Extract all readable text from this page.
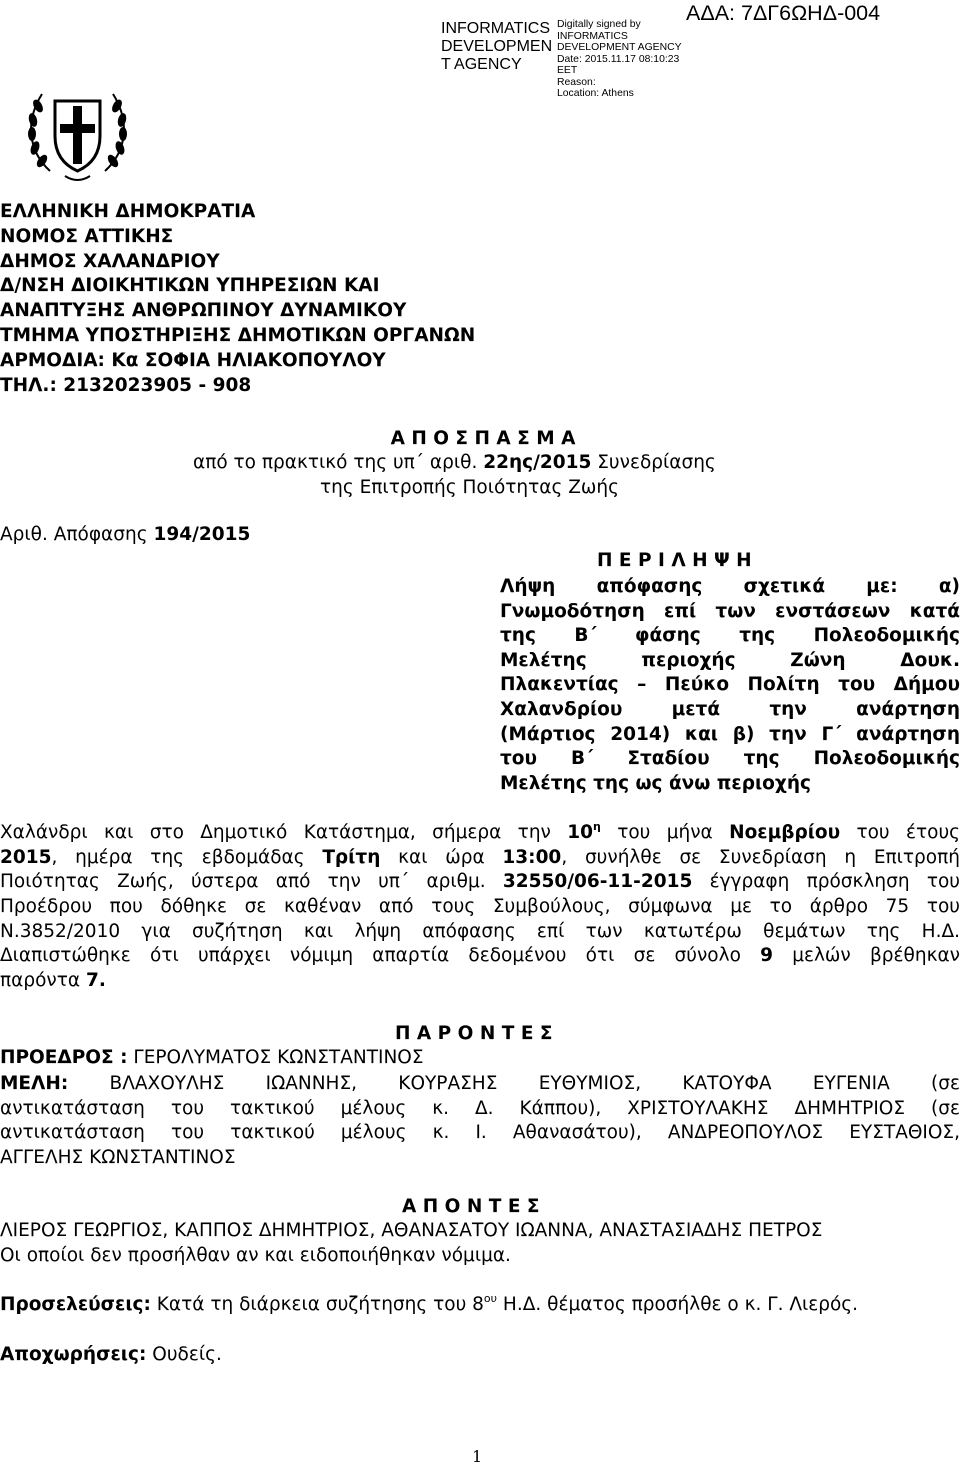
INFORMATICS
DEVELOPMEN
T AGENCY
Digitally signed by
INFORMATICS
DEVELOPMENT AGENCY
Date: 2015.11.17 08:10:23
EET
Reason:
Location: Athens
ΑΔΑ: 7ΔΓ6ΩΗΔ-004
ΕΛΛΗΝΙΚΗ ΔΗΜΟΚΡΑΤΙΑ
ΝΟΜΟΣ ΑΤΤΙΚΗΣ
ΔΗΜΟΣ ΧΑΛΑΝΔΡΙΟΥ
Δ/ΝΣΗ ΔΙΟΙΚΗΤΙΚΩΝ ΥΠΗΡΕΣΙΩΝ ΚΑΙ
ΑΝΑΠΤΥΞΗΣ ΑΝΘΡΩΠΙΝΟΥ ΔΥΝΑΜΙΚΟΥ
ΤΜΗΜΑ ΥΠΟΣΤΗΡΙΞΗΣ ΔΗΜΟΤΙΚΩΝ ΟΡΓΑΝΩΝ
ΑΡΜΟΔΙΑ: Κα ΣΟΦΙΑ ΗΛΙΑΚΟΠΟΥΛΟΥ
ΤΗΛ.: 2132023905 - 908
Α Π Ο Σ Π Α Σ Μ Α
από το πρακτικό της υπ΄ αριθ. 22ης/2015 Συνεδρίασης
της Επιτροπής Ποιότητας Ζωής
Αριθ. Απόφασης 194/2015
Π Ε Ρ Ι Λ Η Ψ Η
Λήψη απόφασης σχετικά με: α)
Γνωμοδότηση επί των ενστάσεων κατά
της Β΄ φάσης της Πολεοδομικής
Μελέτης περιοχής Ζώνη Δουκ.
Πλακεντίας – Πεύκο Πολίτη του Δήμου
Χαλανδρίου μετά την ανάρτηση
(Μάρτιος 2014) και β) την Γ΄ ανάρτηση
του Β΄ Σταδίου της Πολεοδομικής
Μελέτης της ως άνω περιοχής
Χαλάνδρι και στο Δημοτικό Κατάστημα, σήμερα την $10^\eta$ του μήνα Νοεμβρίου του έτους
2015, ημέρα της εβδομάδας Τρίτη και ώρα 13:00, συνήλθε σε Συνεδρίαση η Επιτροπή
Ποιότητας Ζωής, ύστερα από την υπ΄ αριθμ. 32550/06-11-2015 έγγραφη πρόσκληση του
Προέδρου που δόθηκε σε καθέναν από τους Συμβούλους, σύμφωνα με το άρθρο 75 του
Ν.3852/2010 για συζήτηση και λήψη απόφασης επί των κατωτέρω θεμάτων της Η.Δ.
Διαπιστώθηκε ότι υπάρχει νόμιμη απαρτία δεδομένου ότι σε σύνολο 9 μελών βρέθηκαν
παρόντα 7.
Π Α Ρ Ο Ν Τ Ε Σ
ΠΡΟΕΔΡΟΣ : ΓΕΡΟΛΥΜΑΤΟΣ ΚΩΝΣΤΑΝΤΙΝΟΣ
ΜΕΛΗ: ΒΛΑΧΟΥΛΗΣ ΙΩΑΝΝΗΣ, ΚΟΥΡΑΣΗΣ ΕΥΘΥΜΙΟΣ, ΚΑΤΟΥΦΑ ΕΥΓΕΝΙΑ (σε
αντικατάσταση του τακτικού μέλους κ. Δ. Κάππου), ΧΡΙΣΤΟΥΛΑΚΗΣ ΔΗΜΗΤΡΙΟΣ (σε
αντικατάσταση του τακτικού μέλους κ. Ι. Αθανασάτου), ΑΝΔΡΕΟΠΟΥΛΟΣ ΕΥΣΤΑΘΙΟΣ,
ΑΓΓΕΛΗΣ ΚΩΝΣΤΑΝΤΙΝΟΣ
Α Π Ο Ν Τ Ε Σ
ΛΙΕΡΟΣ ΓΕΩΡΓΙΟΣ, ΚΑΠΠΟΣ ΔΗΜΗΤΡΙΟΣ, ΑΘΑΝΑΣΑΤΟΥ ΙΩΑΝΝΑ, ΑΝΑΣΤΑΣΙΑΔΗΣ ΠΕΤΡΟΣ
Οι οποίοι δεν προσήλθαν αν και ειδοποιήθηκαν νόμιμα.
Προσελεύσεις: Κατά τη διάρκεια συζήτησης του $8^{o\upsilon}$ Η.Δ. θέματος προσήλθε ο κ. Γ. Λιερός.
Αποχωρήσεις: Ουδείς.
1
